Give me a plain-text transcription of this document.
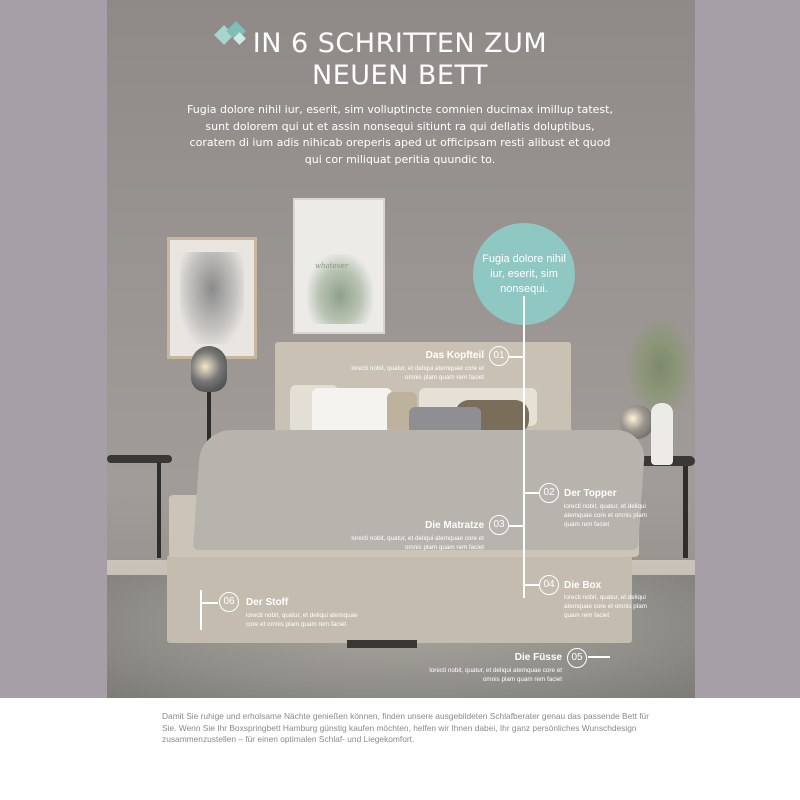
whatever
IN 6 SCHRITTEN ZUM
NEUEN BETT

Fugia dolore nihil iur, eserit, sim volluptincte comnien ducimax imillup tatest, sunt dolorem qui ut et assin nonsequi sitiunt ra qui dellatis doluptibus, coratem di ium adis nihicab oreperis aped ut officipsam resti alibust et quod qui cor miliquat peritia quundic to.

Fugia dolore nihil iur, eserit, sim nonsequi.
01
Das Kopfteil
lorecti nobit, quatur, et deliqui atemquae core et omnis plam quam rem faciet
02 Der Topper
lorecti nobit, quatur, et deliqui atemquae core et omnis plam quam rem faciet
03
Die Matratze
lorecti nobit, quatur, et deliqui atemquae core et omnis plam quam rem faciet
04 Die Box
lorecti nobit, quatur, et deliqui atemquae core et omnis plam quam rem faciet
05
Die Füsse
lorecti nobit, quatur, et deliqui atemquae core et omnis plam quam rem faciet
06	Der Stoff
lorecti nobit, quatur, et deliqui atemquae core et omnis plam quam rem faciet

Damit Sie ruhige und erholsame Nächte genießen können, finden unsere ausgebildeten Schlafberater genau das passende Bett für Sie. Wenn Sie Ihr Boxspringbett Hamburg günstig kaufen möchten, helfen wir Ihnen dabei, Ihr ganz persönliches Wunschdesign zusammenzustellen – für einen optimalen Schlaf- und Liegekomfort.
